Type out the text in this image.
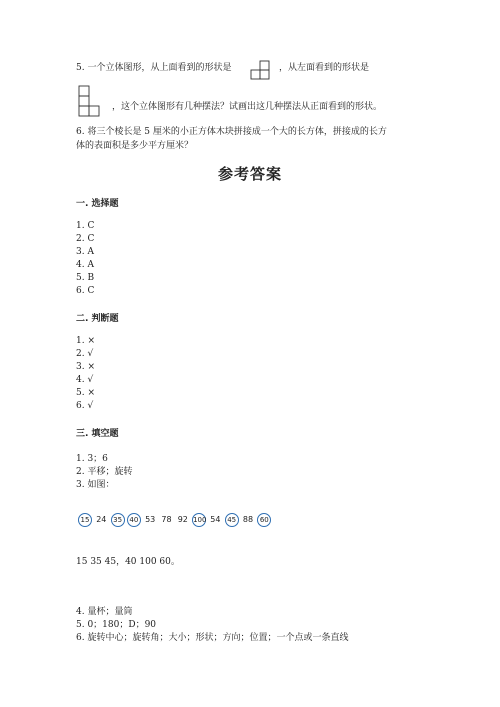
5. 一个立体图形，从上面看到的形状是	，从左面看到的形状是
，这个立体图形有几种摆法？试画出这几种摆法从正面看到的形状。
6. 将三个棱长是 5 厘米的小正方体木块拼接成一个大的长方体，拼接成的长方
体的表面积是多少平方厘米？
参考答案
一. 选择题
1. C
2. C
3. A
4. A
5. B
6. C
二. 判断题
1. ×
2. √
3. ×
4. √
5. ×
6. √
三. 填空题
1. 3；6
2. 平移；旋转
3. 如图：
15 24 35	40 53 78 92 100 54 45 88 60
15 35 45，40 100 60。
4. 量杯；量筒
5. 0；180；D；90
6. 旋转中心；旋转角；大小；形状；方向；位置；一个点或一条直线
